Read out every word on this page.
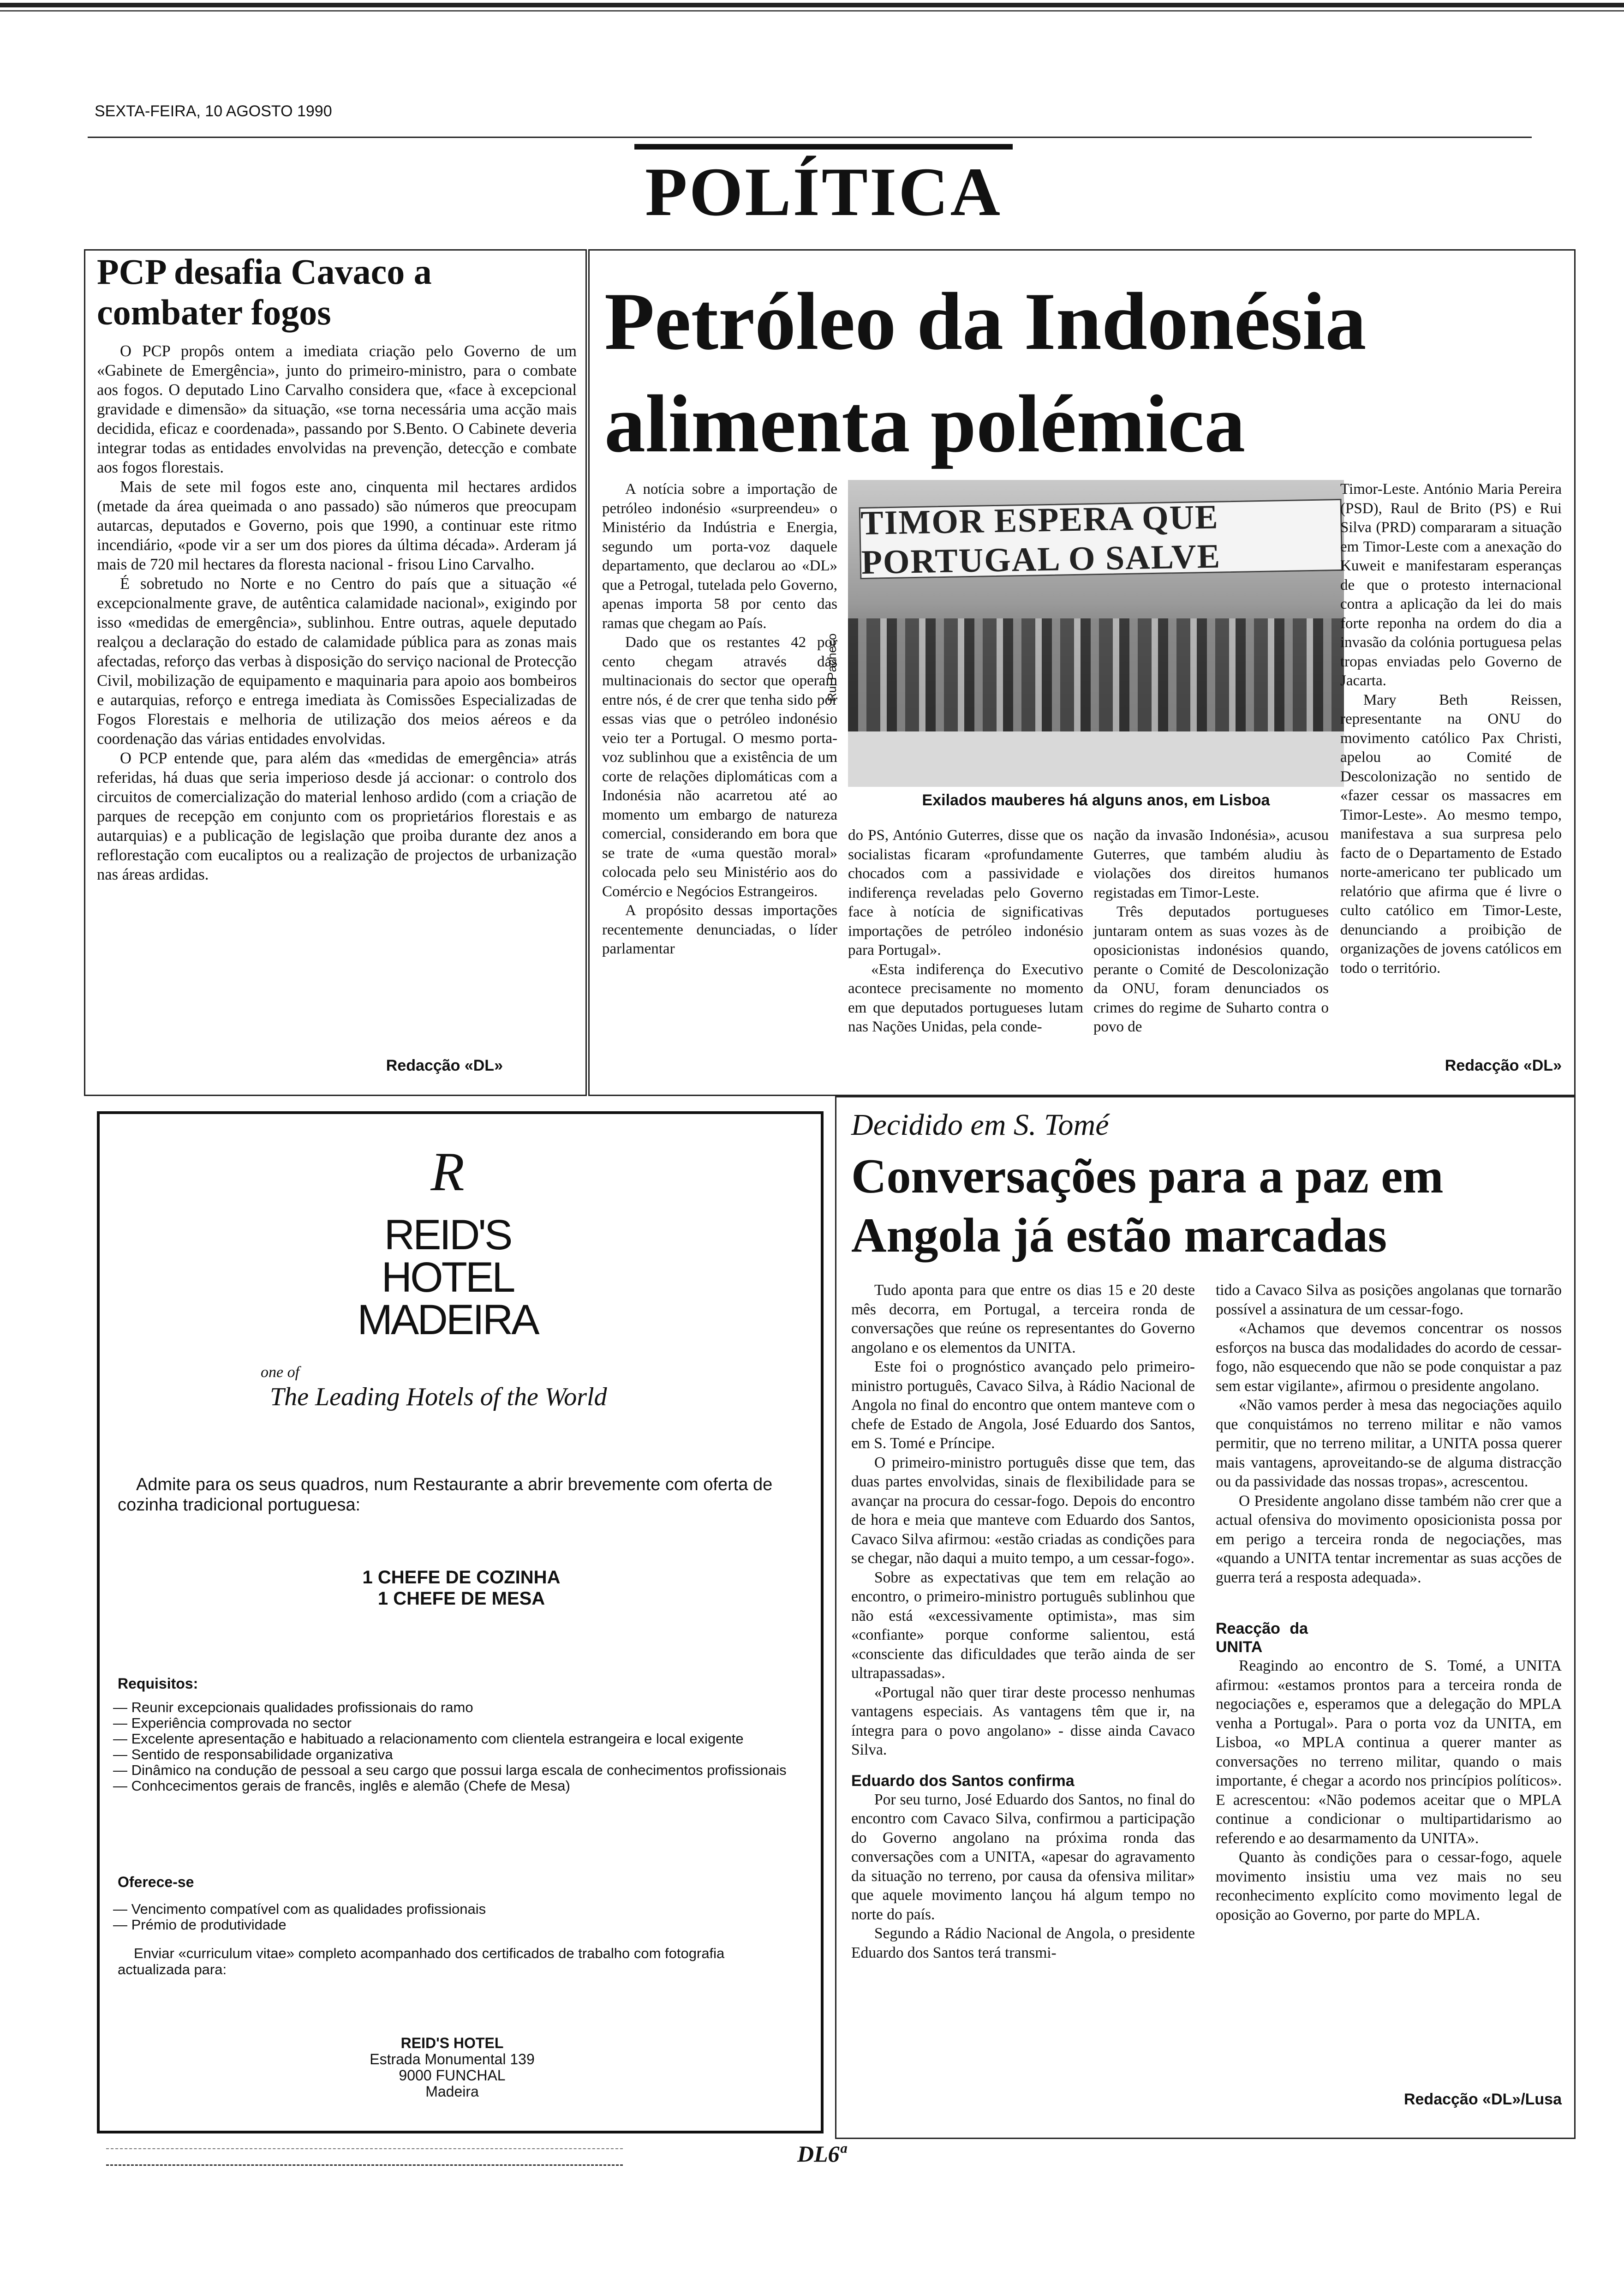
SEXTA-FEIRA, 10 AGOSTO 1990
POLÍTICA
PCP desafia Cavaco a combater fogos

O PCP propôs ontem a imediata criação pelo Governo de um «Gabinete de Emergência», junto do primeiro-ministro, para o combate aos fogos. O deputado Lino Carvalho considera que, «face à excepcional gravidade e dimensão» da situação, «se torna necessária uma acção mais decidida, eficaz e coordenada», passando por S.Bento. O Cabinete deveria integrar todas as entidades envolvidas na prevenção, detecção e combate aos fogos florestais.

Mais de sete mil fogos este ano, cinquenta mil hectares ardidos (metade da área queimada o ano passado) são números que preocupam autarcas, deputados e Governo, pois que 1990, a continuar este ritmo incendiário, «pode vir a ser um dos piores da última década». Arderam já mais de 720 mil hectares da floresta nacional - frisou Lino Carvalho.

É sobretudo no Norte e no Centro do país que a situação «é excepcionalmente grave, de autêntica calamidade nacional», exigindo por isso «medidas de emergência», sublinhou. Entre outras, aquele deputado realçou a declaração do estado de calamidade pública para as zonas mais afectadas, reforço das verbas à disposição do serviço nacional de Protecção Civil, mobilização de equipamento e maquinaria para apoio aos bombeiros e autarquias, reforço e entrega imediata às Comissões Especializadas de Fogos Florestais e melhoria de utilização dos meios aéreos e da coordenação das várias entidades envolvidas.

O PCP entende que, para além das «medidas de emergência» atrás referidas, há duas que seria imperioso desde já accionar: o controlo dos circuitos de comercialização do material lenhoso ardido (com a criação de parques de recepção em conjunto com os proprietários florestais e as autarquias) e a publicação de legislação que proiba durante dez anos a reflorestação com eucaliptos ou a realização de projectos de urbanização nas áreas ardidas.

Redacção «DL»
Petróleo da Indonésia alimenta polémica

A notícia sobre a importação de petróleo indonésio «surpreendeu» o Ministério da Indústria e Energia, segundo um porta-voz daquele departamento, que declarou ao «DL» que a Petrogal, tutelada pelo Governo, apenas importa 58 por cento das ramas que chegam ao País.

Dado que os restantes 42 por cento chegam através das multinacionais do sector que operam entre nós, é de crer que tenha sido por essas vias que o petróleo indonésio veio ter a Portugal. O mesmo porta-voz sublinhou que a existência de um corte de relações diplomáticas com a Indonésia não acarretou até ao momento um embargo de natureza comercial, considerando em bora que se trate de «uma questão moral» colocada pelo seu Ministério aos do Comércio e Negócios Estrangeiros.

A propósito dessas importações recentemente denunciadas, o líder parlamentar

TIMOR ESPERA QUE PORTUGAL O SALVE
Rui Pacheco
Exilados mauberes há alguns anos, em Lisboa

do PS, António Guterres, disse que os socialistas ficaram «profundamente chocados com a passividade e indiferença reveladas pelo Governo face à notícia de significativas importações de petróleo indonésio para Portugal».

«Esta indiferença do Executivo acontece precisamente no momento em que deputados portugueses lutam nas Nações Unidas, pela conde-

nação da invasão Indonésia», acusou Guterres, que também aludiu às violações dos direitos humanos registadas em Timor-Leste.

Três deputados portugueses juntaram ontem as suas vozes às de oposicionistas indonésios quando, perante o Comité de Descolonização da ONU, foram denunciados os crimes do regime de Suharto contra o povo de

Timor-Leste. António Maria Pereira (PSD), Raul de Brito (PS) e Rui Silva (PRD) compararam a situação em Timor-Leste com a anexação do Kuweit e manifestaram esperanças de que o protesto internacional contra a aplicação da lei do mais forte reponha na ordem do dia a invasão da colónia portuguesa pelas tropas enviadas pelo Governo de Jacarta.

Mary Beth Reissen, representante na ONU do movimento católico Pax Christi, apelou ao Comité de Descolonização no sentido de «fazer cessar os massacres em Timor-Leste». Ao mesmo tempo, manifestava a sua surpresa pelo facto de o Departamento de Estado norte-americano ter publicado um relatório que afirma que é livre o culto católico em Timor-Leste, denunciando a proibição de organizações de jovens católicos em todo o território.

Redacção «DL»
R
REID'S
HOTEL
MADEIRA
one of
The Leading Hotels of the World
Admite para os seus quadros, num Restaurante a abrir brevemente com oferta de cozinha tradicional portuguesa:
1 CHEFE DE COZINHA
1 CHEFE DE MESA
Requisitos:
— Reunir excepcionais qualidades profissionais do ramo
— Experiência comprovada no sector
— Excelente apresentação e habituado a relacionamento com clientela estrangeira e local exigente
— Sentido de responsabilidade organizativa
— Dinâmico na condução de pessoal a seu cargo que possui larga escala de conhecimentos profissionais
— Conhcecimentos gerais de francês, inglês e alemão (Chefe de Mesa)
Oferece-se
— Vencimento compatível com as qualidades profissionais
— Prémio de produtividade
Enviar «curriculum vitae» completo acompanhado dos certificados de trabalho com fotografia actualizada para:
REID'S HOTEL
Estrada Monumental 139
9000 FUNCHAL
Madeira
Decidido em S. Tomé
Conversações para a paz em Angola já estão marcadas

Tudo aponta para que entre os dias 15 e 20 deste mês decorra, em Portugal, a terceira ronda de conversações que reúne os representantes do Governo angolano e os elementos da UNITA.

Este foi o prognóstico avançado pelo primeiro-ministro português, Cavaco Silva, à Rádio Nacional de Angola no final do encontro que ontem manteve com o chefe de Estado de Angola, José Eduardo dos Santos, em S. Tomé e Príncipe.

O primeiro-ministro português disse que tem, das duas partes envolvidas, sinais de flexibilidade para se avançar na procura do cessar-fogo. Depois do encontro de hora e meia que manteve com Eduardo dos Santos, Cavaco Silva afirmou: «estão criadas as condições para se chegar, não daqui a muito tempo, a um cessar-fogo».

Sobre as expectativas que tem em relação ao encontro, o primeiro-ministro português sublinhou que não está «excessivamente optimista», mas sim «confiante» porque conforme salientou, está «consciente das dificuldades que terão ainda de ser ultrapassadas».

«Portugal não quer tirar deste processo nenhumas vantagens especiais. As vantagens têm que ir, na íntegra para o povo angolano» - disse ainda Cavaco Silva.

Eduardo dos Santos confirma

Por seu turno, José Eduardo dos Santos, no final do encontro com Cavaco Silva, confirmou a participação do Governo angolano na próxima ronda das conversações com a UNITA, «apesar do agravamento da situação no terreno, por causa da ofensiva militar» que aquele movimento lançou há algum tempo no norte do país.

Segundo a Rádio Nacional de Angola, o presidente Eduardo dos Santos terá transmi-

tido a Cavaco Silva as posições angolanas que tornarão possível a assinatura de um cessar-fogo.

«Achamos que devemos concentrar os nossos esforços na busca das modalidades do acordo de cessar-fogo, não esquecendo que não se pode conquistar a paz sem estar vigilante», afirmou o presidente angolano.

«Não vamos perder à mesa das negociações aquilo que conquistámos no terreno militar e não vamos permitir, que no terreno militar, a UNITA possa querer mais vantagens, aproveitando-se de alguma distracção ou da passividade das nossas tropas», acrescentou.

O Presidente angolano disse também não crer que a actual ofensiva do movimento oposicionista possa por em perigo a terceira ronda de negociações, mas «quando a UNITA tentar incrementar as suas acções de guerra terá a resposta adequada».

Reacção da UNITA

Reagindo ao encontro de S. Tomé, a UNITA afirmou: «estamos prontos para a terceira ronda de negociações e, esperamos que a delegação do MPLA venha a Portugal». Para o porta voz da UNITA, em Lisboa, «o MPLA continua a querer manter as conversações no terreno militar, quando o mais importante, é chegar a acordo nos princípios políticos». E acrescentou: «Não podemos aceitar que o MPLA continue a condicionar o multipartidarismo ao referendo e ao desarmamento da UNITA».

Quanto às condições para o cessar-fogo, aquele movimento insistiu uma vez mais no seu reconhecimento explícito como movimento legal de oposição ao Governo, por parte do MPLA.

Redacção «DL»/Lusa
DL6ª
